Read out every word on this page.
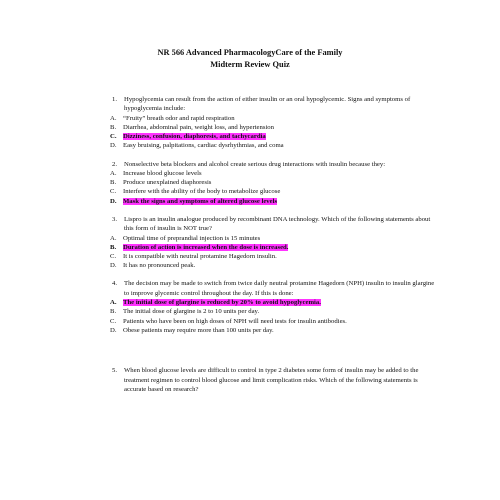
NR 566 Advanced PharmacologyCare of the Family
Midterm Review Quiz
1. Hypoglycemia can result from the action of either insulin or an oral hypoglycemic. Signs and symptoms of hypoglycemia include:
A. “Fruity” breath odor and rapid respiration
B. Diarrhea, abdominal pain, weight loss, and hypertension
C. Dizziness, confusion, diaphoresis, and tachycardia
D. Easy bruising, palpitations, cardiac dysrhythmias, and coma
2. Nonselective beta blockers and alcohol create serious drug interactions with insulin because they:
A. Increase blood glucose levels
B. Produce unexplained diaphoresis
C. Interfere with the ability of the body to metabolize glucose
D. Mask the signs and symptoms of altered glucose levels
3. Lispro is an insulin analogue produced by recombinant DNA technology. Which of the following statements about this form of insulin is NOT true?
A. Optimal time of preprandial injection is 15 minutes
B. Duration of action is increased when the dose is increased.
C. It is compatible with neutral protamine Hagedorn insulin.
D. It has no pronounced peak.
4. The decision may be made to switch from twice daily neutral protamine Hagedorn (NPH) insulin to insulin glargine to improve glycemic control throughout the day. If this is done:
A. The initial dose of glargine is reduced by 20% to avoid hypoglycemia.
B. The initial dose of glargine is 2 to 10 units per day.
C. Patients who have been on high doses of NPH will need tests for insulin antibodies.
D. Obese patients may require more than 100 units per day.
5. When blood glucose levels are difficult to control in type 2 diabetes some form of insulin may be added to the treatment regimen to control blood glucose and limit complication risks. Which of the following statements is accurate based on research?
